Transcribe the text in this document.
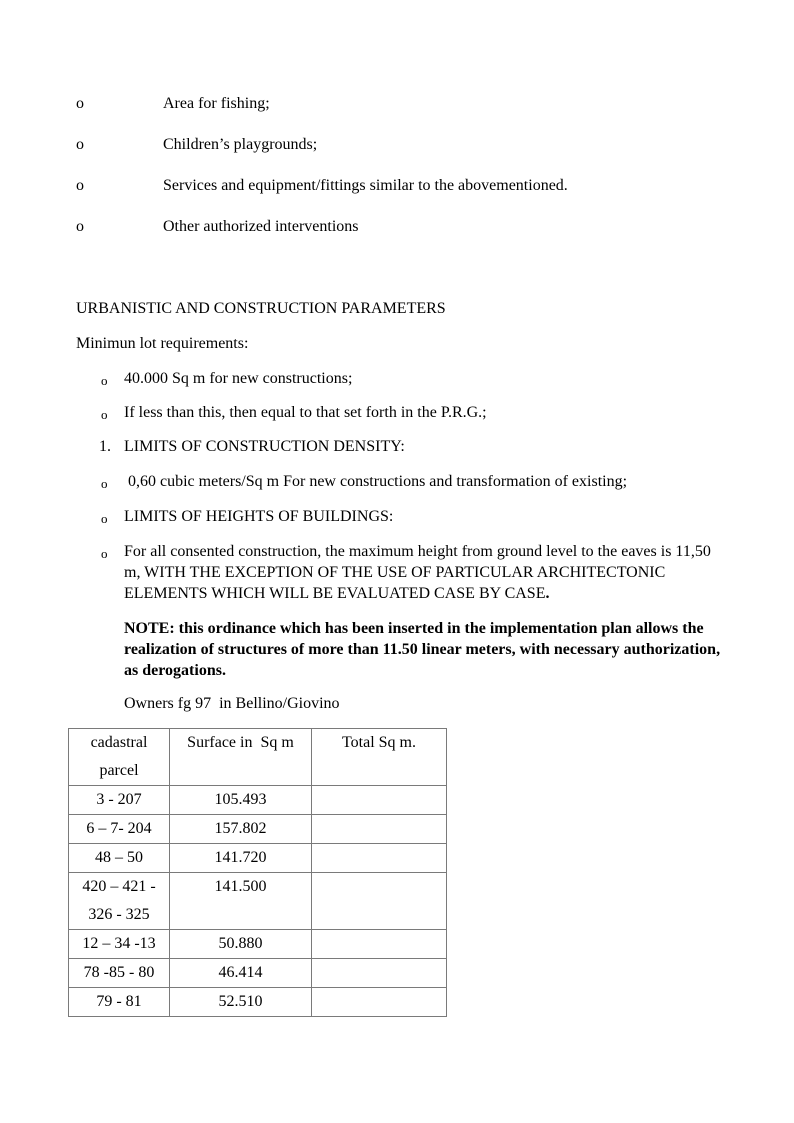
o	Area for fishing;
o	Children’s playgrounds;
o	Services and equipment/fittings similar to the abovementioned.
o	Other authorized interventions
URBANISTIC AND CONSTRUCTION PARAMETERS
Minimun lot requirements:
o 40.000 Sq m for new constructions;
o If less than this, then equal to that set forth in the P.R.G.;
1. LIMITS OF CONSTRUCTION DENSITY:
o 0,60 cubic meters/Sq m For new constructions and transformation of existing;
o LIMITS OF HEIGHTS OF BUILDINGS:
o For all consented construction, the maximum height from ground level to the eaves is 11,50 m, WITH THE EXCEPTION OF THE USE OF PARTICULAR ARCHITECTONIC ELEMENTS WHICH WILL BE EVALUATED CASE BY CASE.
NOTE: this ordinance which has been inserted in the implementation plan allows the realization of structures of more than 11.50 linear meters, with necessary authorization, as derogations.
Owners fg 97  in Bellino/Giovino
cadastral parcel	Surface in  Sq m	Total Sq m.
3 - 207	105.493	
6 – 7- 204	157.802	
48 – 50	141.720	
420 – 421 - 326 - 325	141.500	
12 – 34 -13	50.880	
78 -85 - 80	46.414	
79 - 81	52.510	
